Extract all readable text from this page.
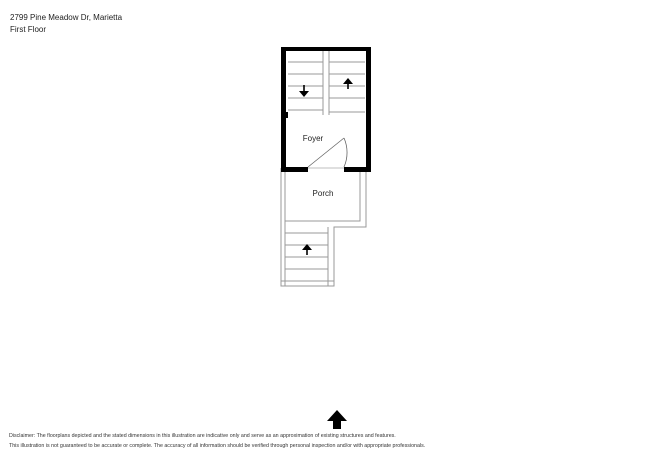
2799 Pine Meadow Dr, Marietta
First Floor
Foyer
Porch
Disclaimer: The floorplans depicted and the stated dimensions in this illustration are indicative only and serve as an approximation of existing structures and features.
This illustration is not guaranteed to be accurate or complete. The accuracy of all information should be verified through personal inspection and/or with appropriate professionals.
